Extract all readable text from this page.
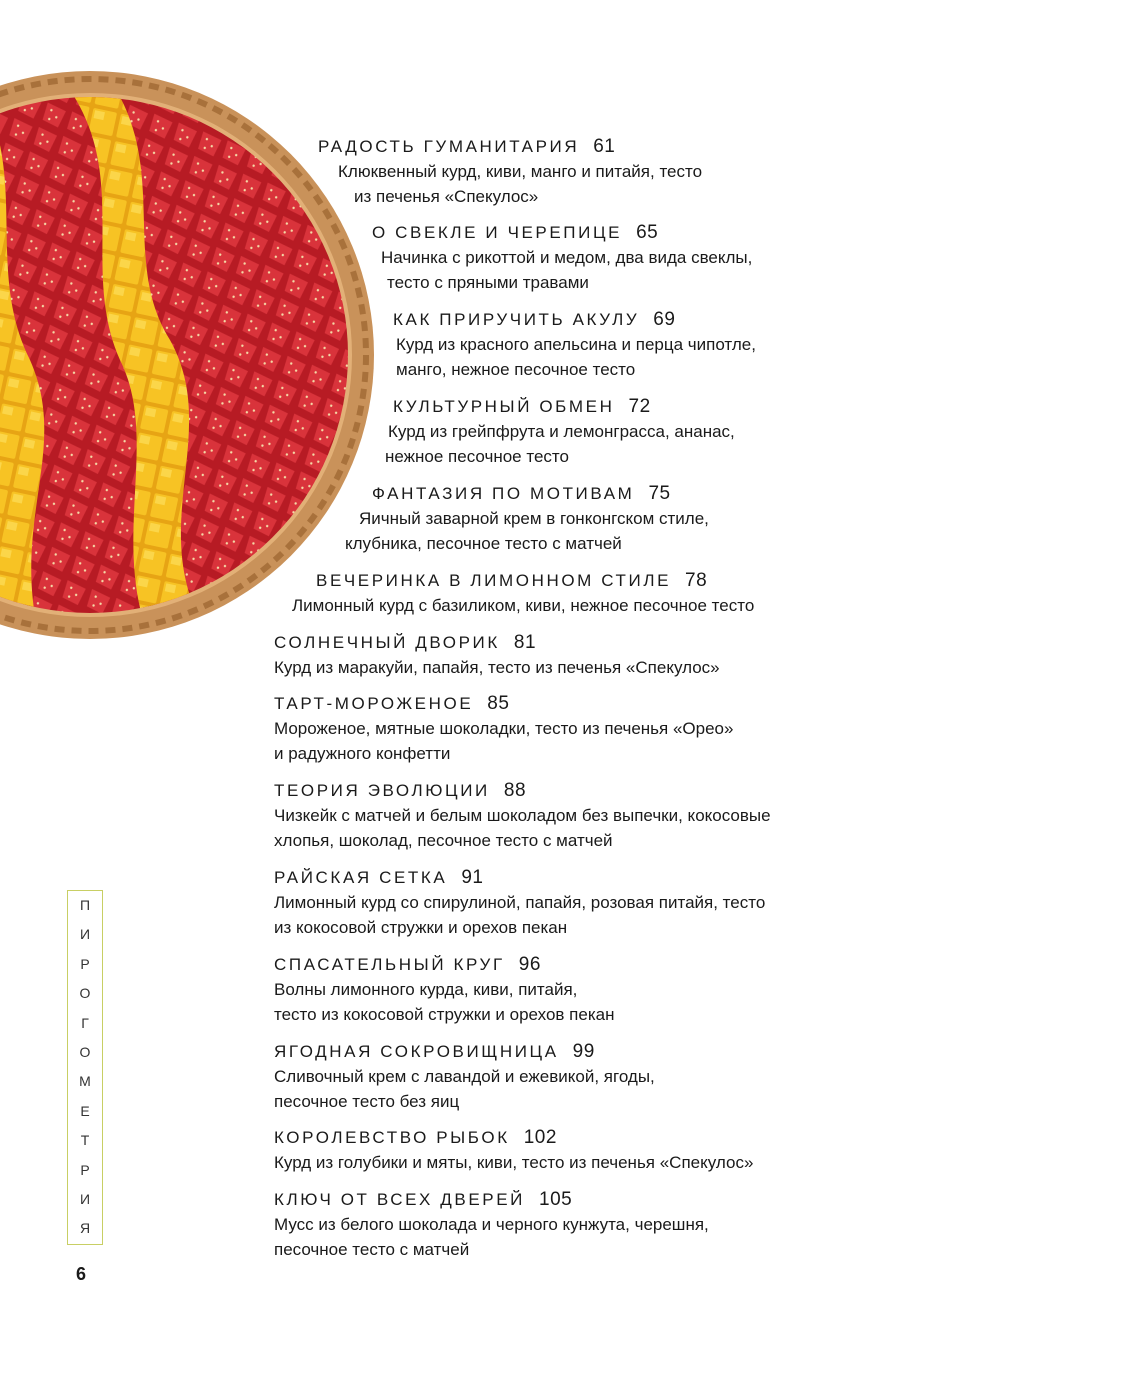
РАДОСТЬ ГУМАНИТАРИЯ 61
Клюквенный курд, киви, манго и питайя, тесто
из печенья «Спекулос»
О СВЕКЛЕ И ЧЕРЕПИЦЕ 65
Начинка с рикоттой и медом, два вида свеклы,
тесто с пряными травами
КАК ПРИРУЧИТЬ АКУЛУ 69
Курд из красного апельсина и перца чипотле,
манго, нежное песочное тесто
КУЛЬТУРНЫЙ ОБМЕН 72
Курд из грейпфрута и лемонграсса, ананас,
нежное песочное тесто
ФАНТАЗИЯ ПО МОТИВАМ 75
Яичный заварной крем в гонконгском стиле,
клубника, песочное тесто с матчей
ВЕЧЕРИНКА В ЛИМОННОМ СТИЛЕ 78
Лимонный курд с базиликом, киви, нежное песочное тесто
СОЛНЕЧНЫЙ ДВОРИК 81
Курд из маракуйи, папайя, тесто из печенья «Спекулос»
ТАРТ-МОРОЖЕНОЕ 85
Мороженое, мятные шоколадки, тесто из печенья «Орео»
и радужного конфетти
ТЕОРИЯ ЭВОЛЮЦИИ 88
Чизкейк с матчей и белым шоколадом без выпечки, кокосовые
хлопья, шоколад, песочное тесто с матчей
РАЙСКАЯ СЕТКА 91
Лимонный курд со спирулиной, папайя, розовая питайя, тесто
из кокосовой стружки и орехов пекан
СПАСАТЕЛЬНЫЙ КРУГ 96
Волны лимонного курда, киви, питайя,
тесто из кокосовой стружки и орехов пекан
ЯГОДНАЯ СОКРОВИЩНИЦА 99
Сливочный крем с лавандой и ежевикой, ягоды,
песочное тесто без яиц
КОРОЛЕВСТВО РЫБОК 102
Курд из голубики и мяты, киви, тесто из печенья «Спекулос»
КЛЮЧ ОТ ВСЕХ ДВЕРЕЙ 105
Мусс из белого шоколада и черного кунжута, черешня,
песочное тесто с матчей
П
И
Р
О
Г
О
М
Е
Т
Р
И
Я
6
